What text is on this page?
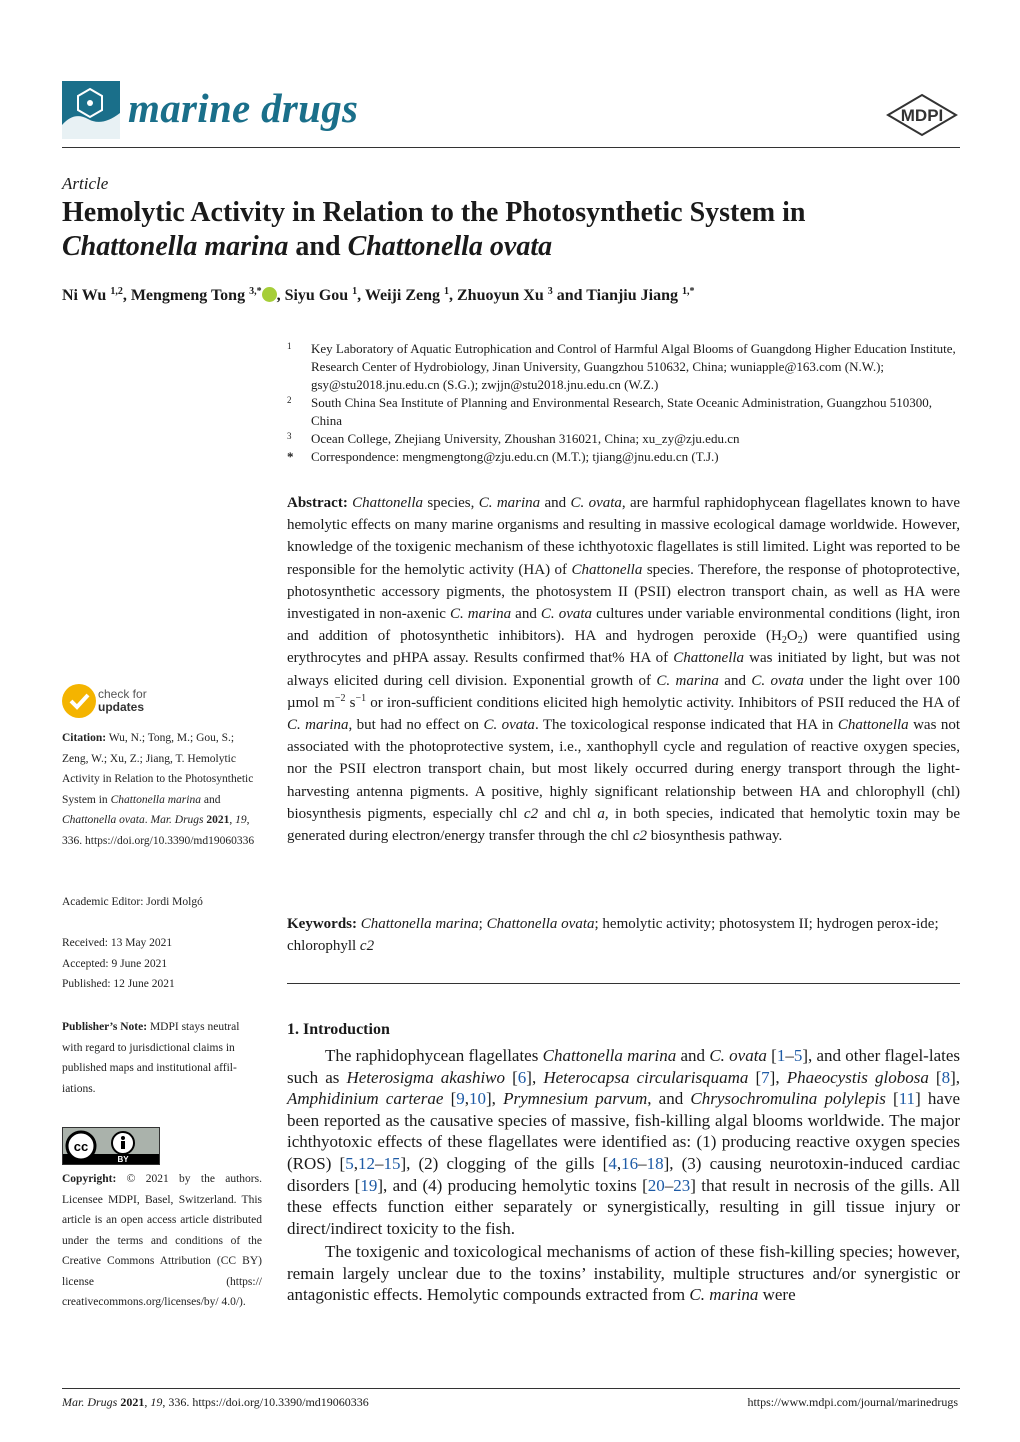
marine drugs	MDPI
Article
Hemolytic Activity in Relation to the Photosynthetic System in
Chattonella marina and Chattonella ovata
Ni Wu $^{1,2}$, Mengmeng Tong $^{3,*}$ , Siyu Gou $^1$, Weiji Zeng $^1$, Zhuoyun Xu $^3$ and Tianjiu Jiang $^{1,*}$
1 Key Laboratory of Aquatic Eutrophication and Control of Harmful Algal Blooms of Guangdong Higher Education Institute, Research Center of Hydrobiology, Jinan University, Guangzhou 510632, China; wuniapple@163.com (N.W.); gsy@stu2018.jnu.edu.cn (S.G.); zwjjn@stu2018.jnu.edu.cn (W.Z.)
2 South China Sea Institute of Planning and Environmental Research, State Oceanic Administration, Guangzhou 510300, China
3 Ocean College, Zhejiang University, Zhoushan 316021, China; xu_zy@zju.edu.cn
* Correspondence: mengmengtong@zju.edu.cn (M.T.); tjiang@jnu.edu.cn (T.J.)
Abstract: Chattonella species, C. marina and C. ovata, are harmful raphidophycean flagellates known to have hemolytic effects on many marine organisms and resulting in massive ecological damage worldwide. However, knowledge of the toxigenic mechanism of these ichthyotoxic flagellates is still limited. Light was reported to be responsible for the hemolytic activity (HA) of Chattonella species. Therefore, the response of photoprotective, photosynthetic accessory pigments, the photosystem II (PSII) electron transport chain, as well as HA were investigated in non-axenic C. marina and C. ovata cultures under variable environmental conditions (light, iron and addition of photosynthetic inhibitors). HA and hydrogen peroxide $(H_2O_2)$ were quantified using erythrocytes and pHPA assay. Results confirmed that% HA of Chattonella was initiated by light, but was not always elicited during cell division. Exponential growth of C. marina and C. ovata under the light over 100 µmol $m^{-2}$ $s^{-1}$ or iron-sufficient conditions elicited high hemolytic activity. Inhibitors of PSII reduced the HA of C. marina, but had no effect on C. ovata. The toxicological response indicated that HA in Chattonella was not associated with the photoprotective system, i.e., xanthophyll cycle and regulation of reactive oxygen species, nor the PSII electron transport chain, but most likely occurred during energy transport through the light-harvesting antenna pigments. A positive, highly significant relationship between HA and chlorophyll (chl) biosynthesis pigments, especially chl c2 and chl a, in both species, indicated that hemolytic toxin may be generated during electron/energy transfer through the chl c2 biosynthesis pathway.
Keywords: Chattonella marina; Chattonella ovata; hemolytic activity; photosystem II; hydrogen perox-ide; chlorophyll c2
1. Introduction
The raphidophycean flagellates Chattonella marina and C. ovata [1–5], and other flagel-lates such as Heterosigma akashiwo [6], Heterocapsa circularisquama [7], Phaeocystis globosa [8], Amphidinium carterae [9,10], Prymnesium parvum, and Chrysochromulina polylepis [11] have been reported as the causative species of massive, fish-killing algal blooms worldwide. The major ichthyotoxic effects of these flagellates were identified as: (1) producing reactive oxygen species (ROS) [5,12–15], (2) clogging of the gills [4,16–18], (3) causing neurotoxin-induced cardiac disorders [19], and (4) producing hemolytic toxins [20–23] that result in necrosis of the gills. All these effects function either separately or synergistically, resulting in gill tissue injury or direct/indirect toxicity to the fish.
The toxigenic and toxicological mechanisms of action of these fish-killing species; however, remain largely unclear due to the toxins’ instability, multiple structures and/or synergistic or antagonistic effects. Hemolytic compounds extracted from C. marina were
check for
updates
Citation: Wu, N.; Tong, M.; Gou, S.; Zeng, W.; Xu, Z.; Jiang, T. Hemolytic Activity in Relation to the Photosynthetic System in Chattonella marina and Chattonella ovata. Mar. Drugs 2021, 19, 336. https://doi.org/10.3390/md19060336
Academic Editor: Jordi Molgó
Received: 13 May 2021
Accepted: 9 June 2021
Published: 12 June 2021
Publisher’s Note: MDPI stays neutral with regard to jurisdictional claims in published maps and institutional affil-iations.
cc
BY
Copyright: © 2021 by the authors. Licensee MDPI, Basel, Switzerland. This article is an open access article distributed under the terms and conditions of the Creative Commons Attribution (CC BY) license (https:// creativecommons.org/licenses/by/ 4.0/).
Mar. Drugs 2021, 19, 336. https://doi.org/10.3390/md19060336	https://www.mdpi.com/journal/marinedrugs
